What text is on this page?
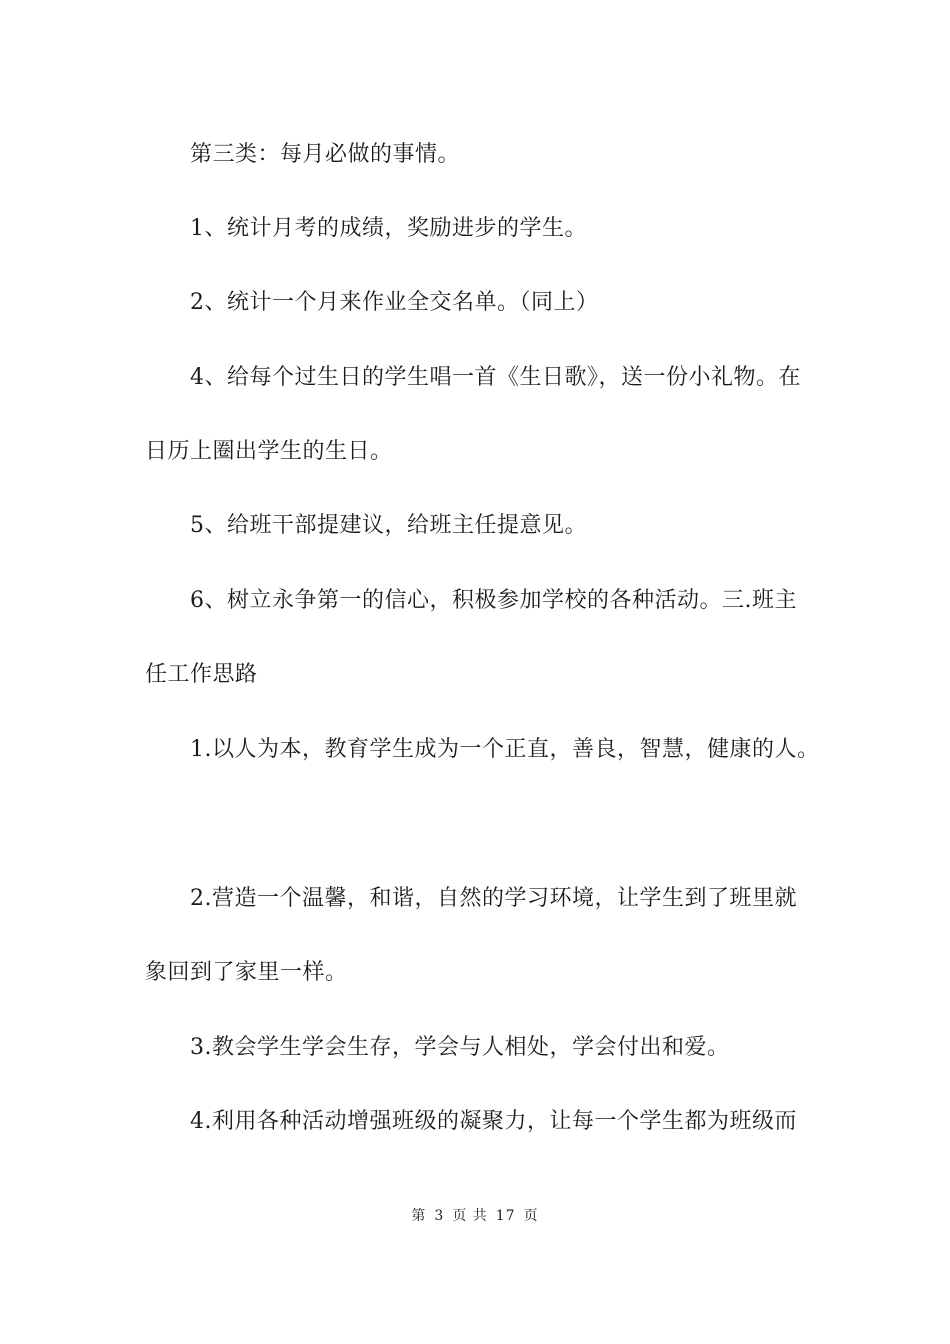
第三类：每月必做的事情。
1、统计月考的成绩，奖励进步的学生。
2、统计一个月来作业全交名单。（同上）
4、给每个过生日的学生唱一首《生日歌》，送一份小礼物。在
日历上圈出学生的生日。
5、给班干部提建议，给班主任提意见。
6、树立永争第一的信心，积极参加学校的各种活动。三.班主
任工作思路
1.以人为本，教育学生成为一个正直，善良，智慧，健康的人。
2.营造一个温馨，和谐，自然的学习环境，让学生到了班里就
象回到了家里一样。
3.教会学生学会生存，学会与人相处，学会付出和爱。
4.利用各种活动增强班级的凝聚力，让每一个学生都为班级而
第 3 页 共 17 页
